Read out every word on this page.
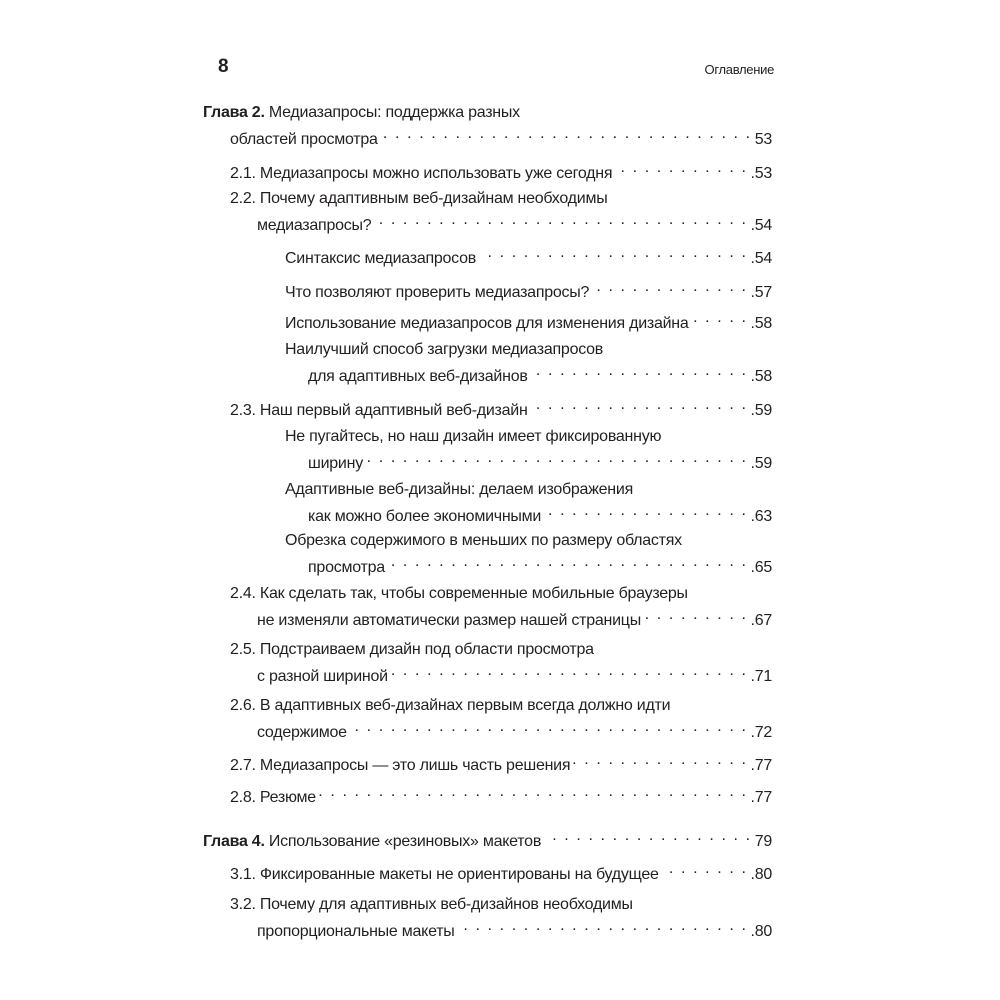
8	Оглавление
Глава 2. Медиазапросы: поддержка разных
областей просмотра . . .	53
2.1. Медиазапросы можно использовать уже сегодня . . .	.53
2.2. Почему адаптивным веб-дизайнам необходимы
медиазапросы? . . .	.54
Синтаксис медиазапросов . . .	.54
Что позволяют проверить медиазапросы? . . .	.57
Использование медиазапросов для изменения дизайна . . .	.58
Наилучший способ загрузки медиазапросов
для адаптивных веб-дизайнов . . .	.58
2.3. Наш первый адаптивный веб-дизайн . . .	.59
Не пугайтесь, но наш дизайн имеет фиксированную
ширину . . .	.59
Адаптивные веб-дизайны: делаем изображения
как можно более экономичными . . .	.63
Обрезка содержимого в меньших по размеру областях
просмотра . . .	.65
2.4. Как сделать так, чтобы современные мобильные браузеры
не изменяли автоматически размер нашей страницы . . .	.67
2.5. Подстраиваем дизайн под области просмотра
с разной шириной . . .	.71
2.6. В адаптивных веб-дизайнах первым всегда должно идти
содержимое . . .	.72
2.7. Медиазапросы — это лишь часть решения . . .	.77
2.8. Резюме . . .	.77
Глава 4. Использование «резиновых» макетов . . .	79
3.1. Фиксированные макеты не ориентированы на будущее . . .	.80
3.2. Почему для адаптивных веб-дизайнов необходимы
пропорциональные макеты . . .	.80
